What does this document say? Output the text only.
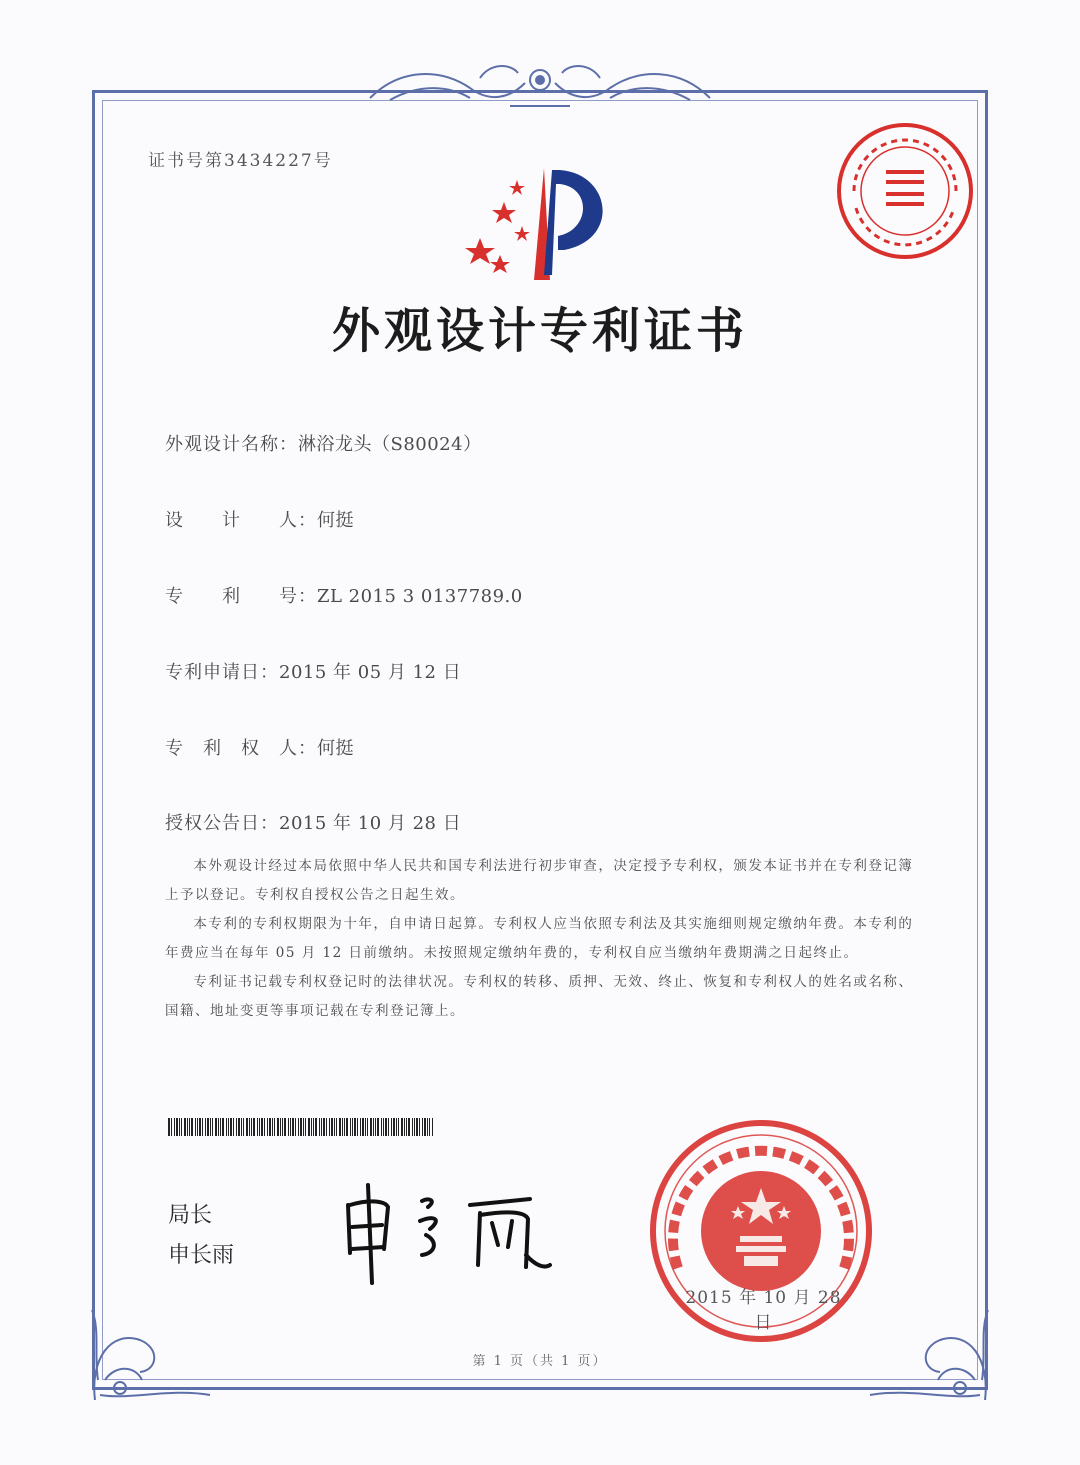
证书号第3434227号
外观设计专利证书
外观设计名称：淋浴龙头（S80024）
设　　计　　人：何挺
专　　利　　号：ZL 2015 3 0137789.0
专利申请日：2015 年 05 月 12 日
专　利　权　人：何挺
授权公告日：2015 年 10 月 28 日

本外观设计经过本局依照中华人民共和国专利法进行初步审查，决定授予专利权，颁发本证书并在专利登记簿上予以登记。专利权自授权公告之日起生效。

本专利的专利权期限为十年，自申请日起算。专利权人应当依照专利法及其实施细则规定缴纳年费。本专利的年费应当在每年 05 月 12 日前缴纳。未按照规定缴纳年费的，专利权自应当缴纳年费期满之日起终止。

专利证书记载专利权登记时的法律状况。专利权的转移、质押、无效、终止、恢复和专利权人的姓名或名称、国籍、地址变更等事项记载在专利登记簿上。

局长
申长雨
2015 年 10 月 28 日
第 1 页（共 1 页）
